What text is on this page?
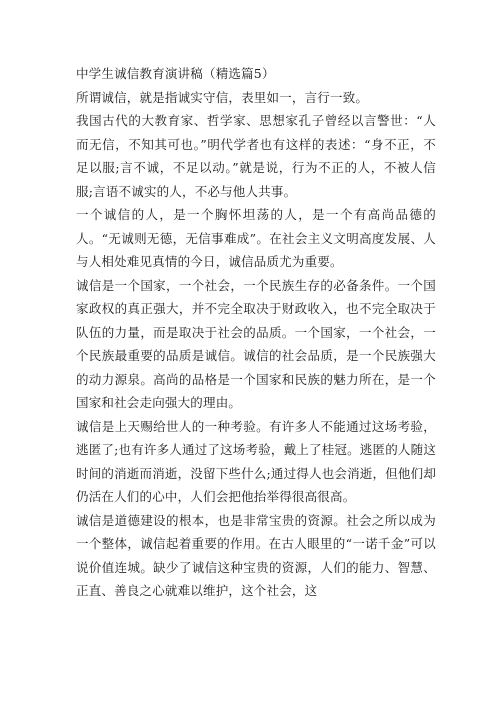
中学生诚信教育演讲稿（精选篇5）

所谓诚信，就是指诚实守信，表里如一，言行一致。

我国古代的大教育家、哲学家、思想家孔子曾经以言警世：“人而无信，不知其可也。”明代学者也有这样的表述：“身不正，不足以服;言不诚，不足以动。”就是说，行为不正的人，不被人信服;言语不诚实的人，不必与他人共事。

一个诚信的人，是一个胸怀坦荡的人，是一个有高尚品德的人。“无诚则无德，无信事难成”。在社会主义文明高度发展、人与人相处难见真情的今日，诚信品质尤为重要。

诚信是一个国家，一个社会，一个民族生存的必备条件。一个国家政权的真正强大，并不完全取决于财政收入，也不完全取决于队伍的力量，而是取决于社会的品质。一个国家，一个社会，一个民族最重要的品质是诚信。诚信的社会品质，是一个民族强大的动力源泉。高尚的品格是一个国家和民族的魅力所在，是一个国家和社会走向强大的理由。

诚信是上天赐给世人的一种考验。有许多人不能通过这场考验，逃匿了;也有许多人通过了这场考验，戴上了桂冠。逃匿的人随这时间的消逝而消逝，没留下些什么;通过得人也会消逝，但他们却仍活在人们的心中，人们会把他抬举得很高很高。

诚信是道德建设的根本，也是非常宝贵的资源。社会之所以成为一个整体，诚信起着重要的作用。在古人眼里的“一诺千金”可以说价值连城。缺少了诚信这种宝贵的资源，人们的能力、智慧、正直、善良之心就难以维护，这个社会，这
